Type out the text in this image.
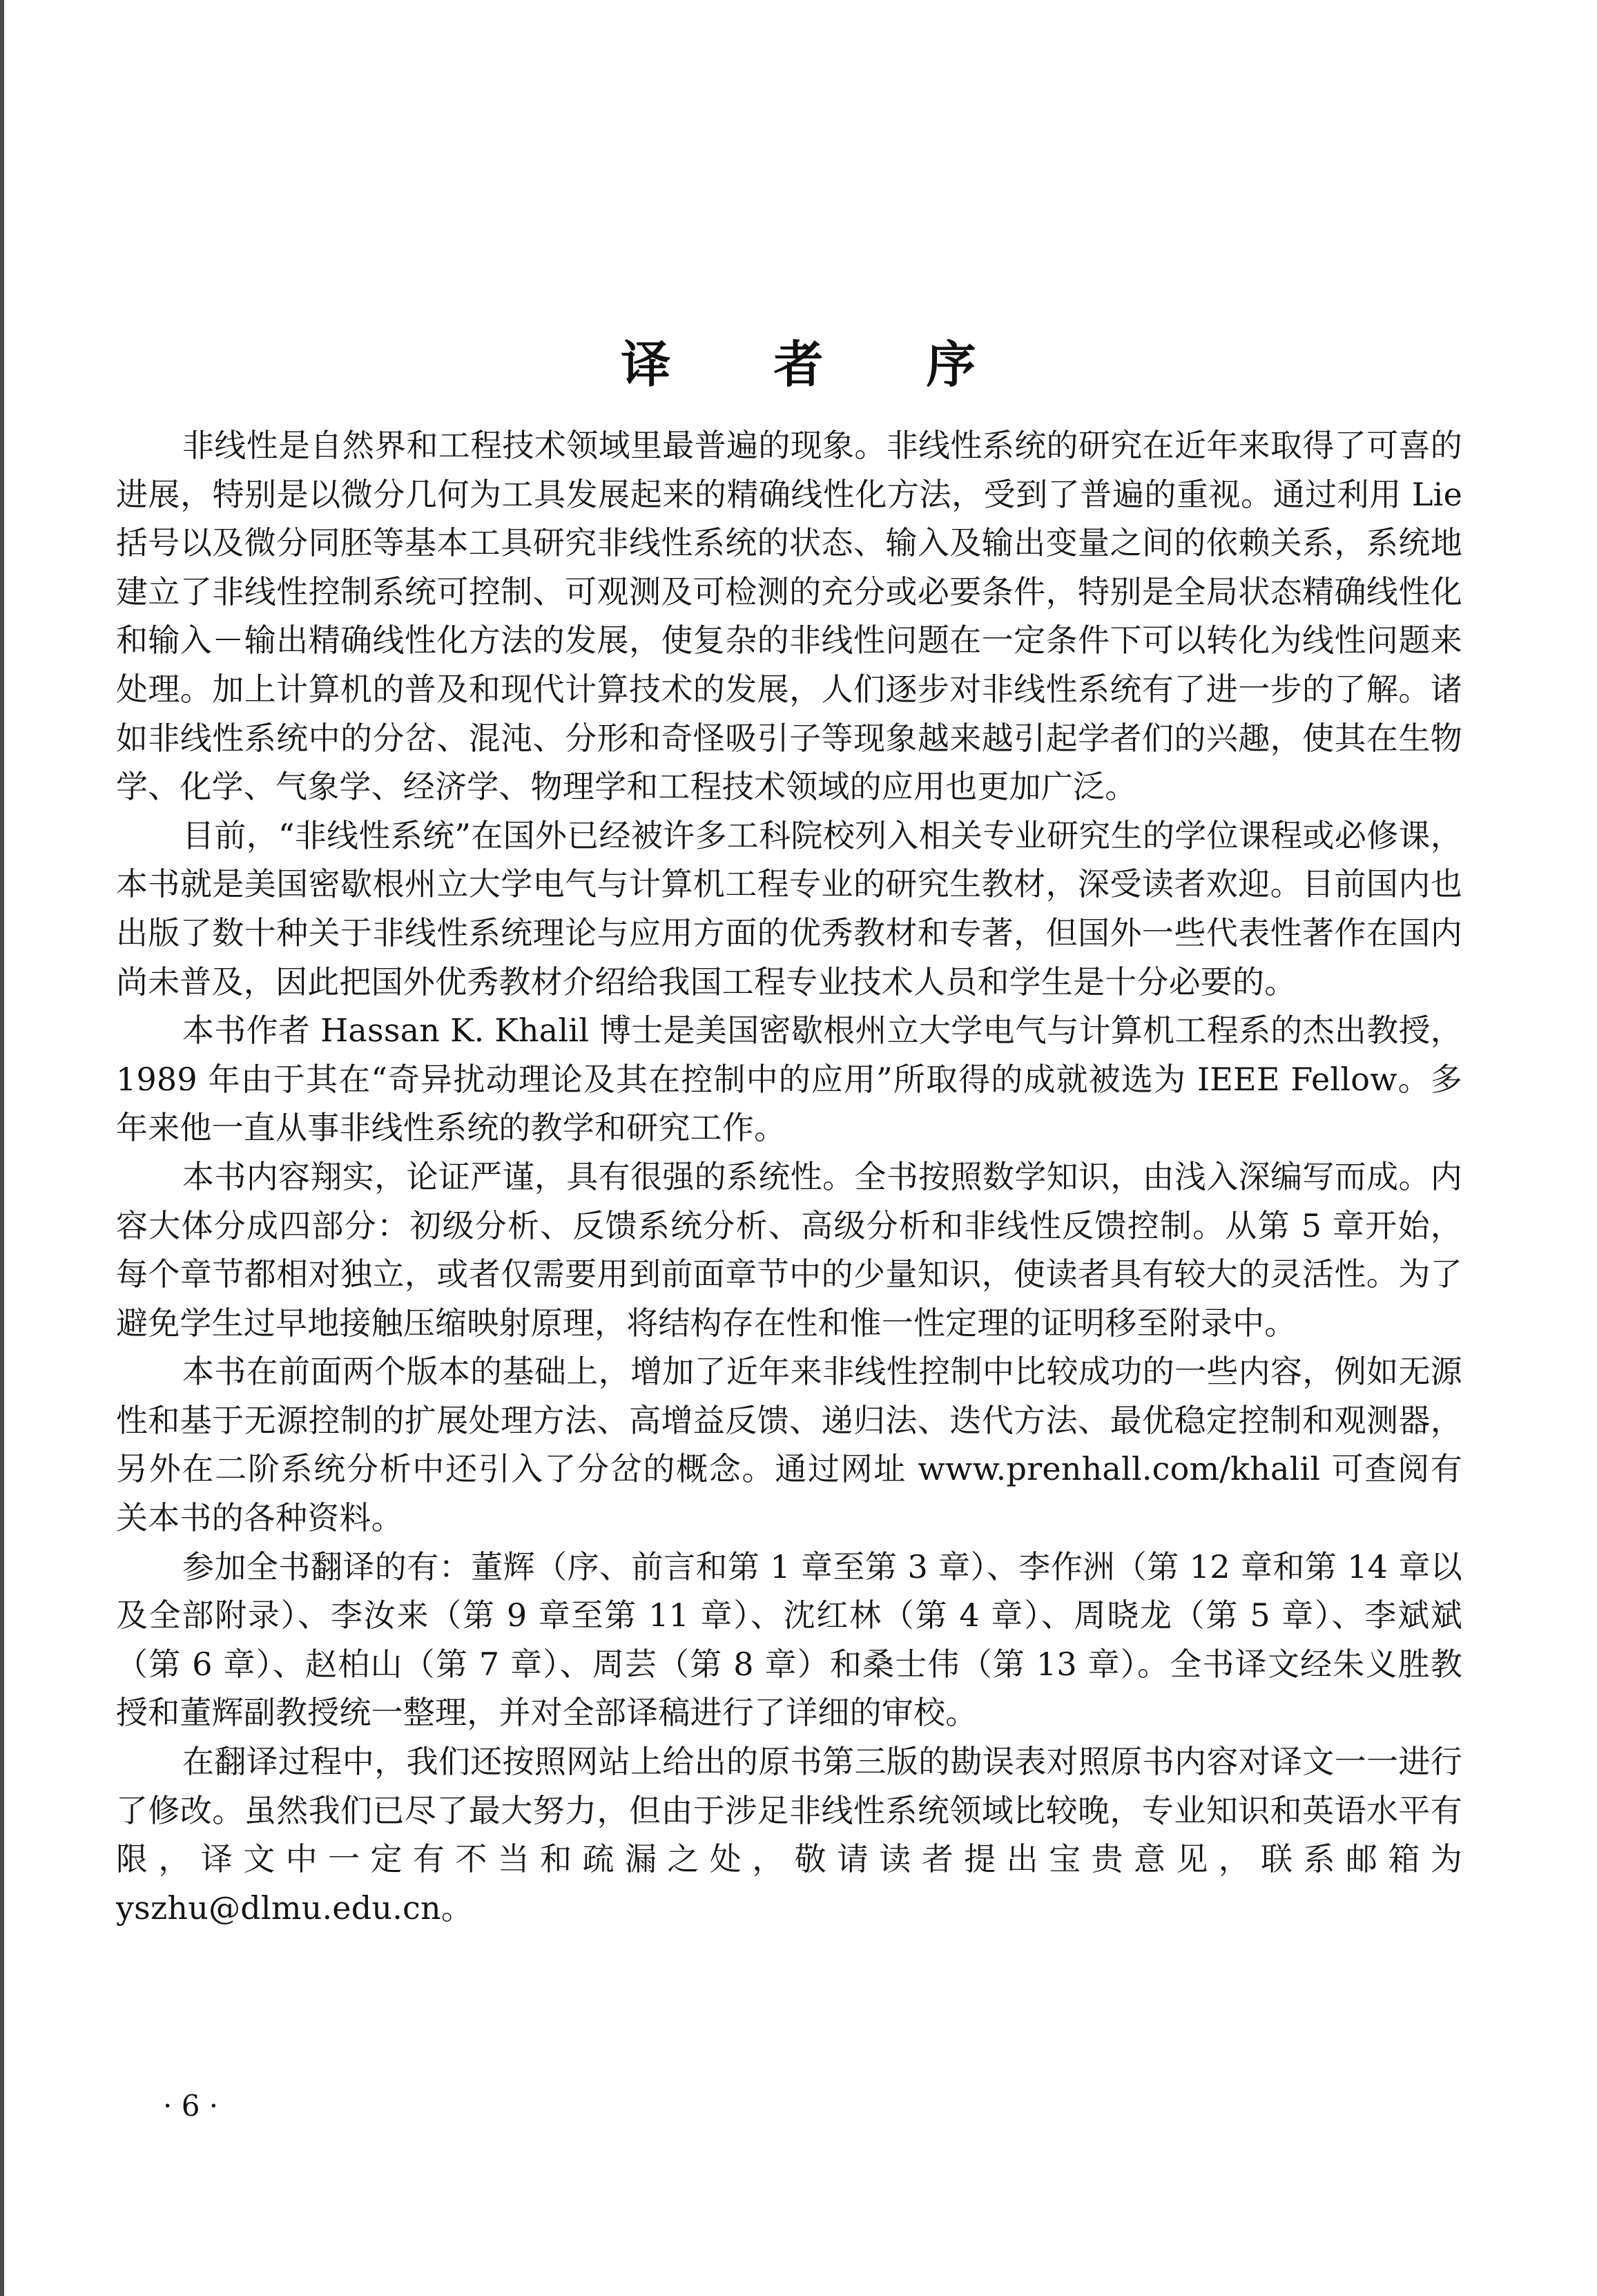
译 者 序

非线性是自然界和工程技术领域里最普遍的现象。非线性系统的研究在近年来取得了可喜的进展，特别是以微分几何为工具发展起来的精确线性化方法，受到了普遍的重视。通过利用 Lie 括号以及微分同胚等基本工具研究非线性系统的状态、输入及输出变量之间的依赖关系，系统地建立了非线性控制系统可控制、可观测及可检测的充分或必要条件，特别是全局状态精确线性化和输入－输出精确线性化方法的发展，使复杂的非线性问题在一定条件下可以转化为线性问题来处理。加上计算机的普及和现代计算技术的发展，人们逐步对非线性系统有了进一步的了解。诸如非线性系统中的分岔、混沌、分形和奇怪吸引子等现象越来越引起学者们的兴趣，使其在生物学、化学、气象学、经济学、物理学和工程技术领域的应用也更加广泛。

目前，“非线性系统”在国外已经被许多工科院校列入相关专业研究生的学位课程或必修课，本书就是美国密歇根州立大学电气与计算机工程专业的研究生教材，深受读者欢迎。目前国内也出版了数十种关于非线性系统理论与应用方面的优秀教材和专著，但国外一些代表性著作在国内尚未普及，因此把国外优秀教材介绍给我国工程专业技术人员和学生是十分必要的。

本书作者 Hassan K. Khalil 博士是美国密歇根州立大学电气与计算机工程系的杰出教授，1989 年由于其在“奇异扰动理论及其在控制中的应用”所取得的成就被选为 IEEE Fellow。多年来他一直从事非线性系统的教学和研究工作。

本书内容翔实，论证严谨，具有很强的系统性。全书按照数学知识，由浅入深编写而成。内容大体分成四部分：初级分析、反馈系统分析、高级分析和非线性反馈控制。从第 5 章开始，每个章节都相对独立，或者仅需要用到前面章节中的少量知识，使读者具有较大的灵活性。为了避免学生过早地接触压缩映射原理，将结构存在性和惟一性定理的证明移至附录中。

本书在前面两个版本的基础上，增加了近年来非线性控制中比较成功的一些内容，例如无源性和基于无源控制的扩展处理方法、高增益反馈、递归法、迭代方法、最优稳定控制和观测器，另外在二阶系统分析中还引入了分岔的概念。通过网址 www.prenhall.com/khalil 可查阅有关本书的各种资料。

参加全书翻译的有：董辉（序、前言和第 1 章至第 3 章）、李作洲（第 12 章和第 14 章以及全部附录）、李汝来（第 9 章至第 11 章）、沈红林（第 4 章）、周晓龙（第 5 章）、李斌斌（第 6 章）、赵柏山（第 7 章）、周芸（第 8 章）和桑士伟（第 13 章）。全书译文经朱义胜教授和董辉副教授统一整理，并对全部译稿进行了详细的审校。

在翻译过程中，我们还按照网站上给出的原书第三版的勘误表对照原书内容对译文一一进行了修改。虽然我们已尽了最大努力，但由于涉足非线性系统领域比较晚，专业知识和英语水平有限，译文中一定有不当和疏漏之处，敬请读者提出宝贵意见，联系邮箱为 yszhu@dlmu.edu.cn。

· 6 ·
